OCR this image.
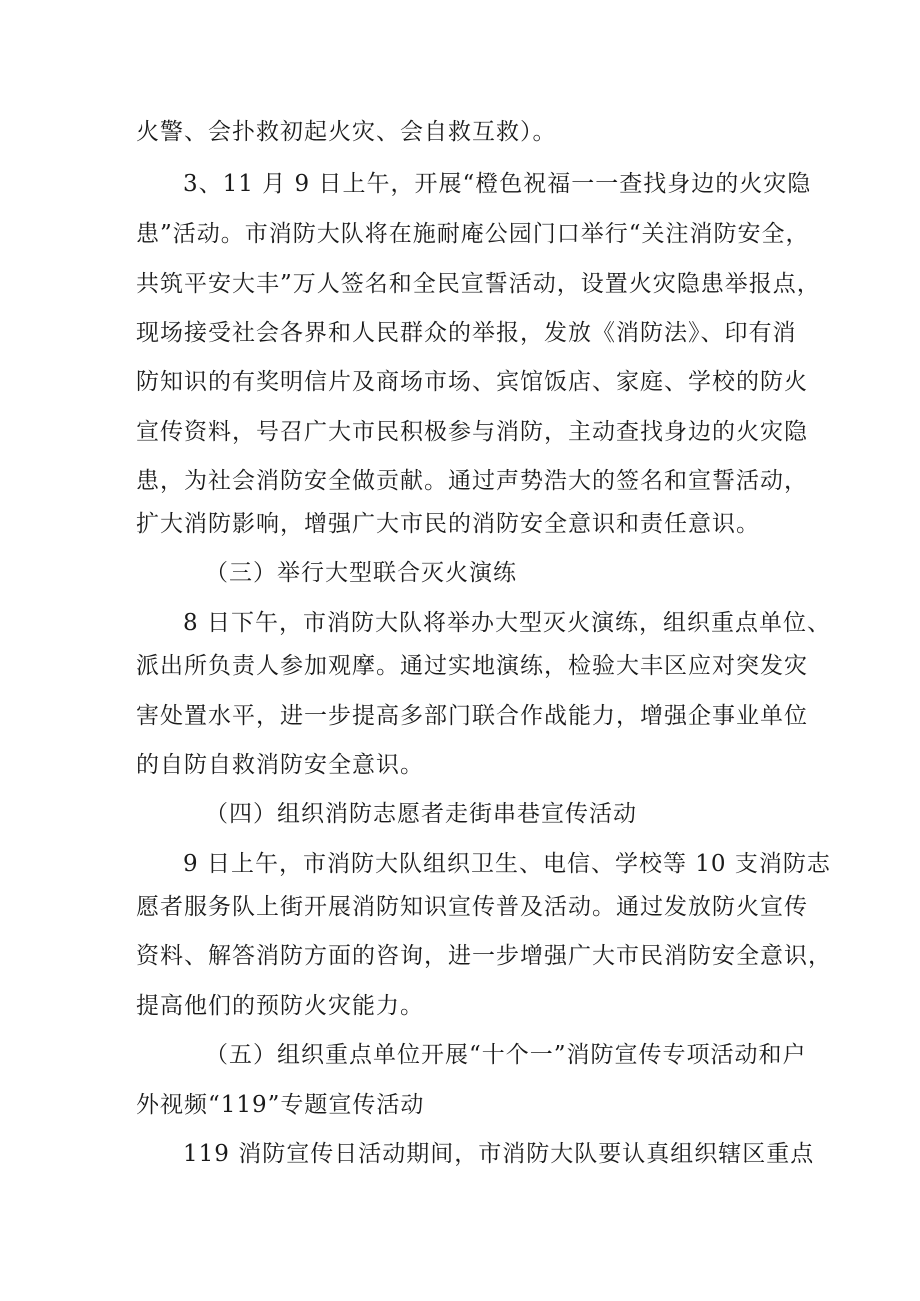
火警、会扑救初起火灾、会自救互救）。
3、11 月 9 日上午，开展“橙色祝福一一查找身边的火灾隐
患”活动。市消防大队将在施耐庵公园门口举行“关注消防安全，
共筑平安大丰”万人签名和全民宣誓活动，设置火灾隐患举报点，
现场接受社会各界和人民群众的举报，发放《消防法》、印有消
防知识的有奖明信片及商场市场、宾馆饭店、家庭、学校的防火
宣传资料，号召广大市民积极参与消防，主动查找身边的火灾隐
患，为社会消防安全做贡献。通过声势浩大的签名和宣誓活动，
扩大消防影响，增强广大市民的消防安全意识和责任意识。
（三）举行大型联合灭火演练
8 日下午，市消防大队将举办大型灭火演练，组织重点单位、
派出所负责人参加观摩。通过实地演练，检验大丰区应对突发灾
害处置水平，进一步提高多部门联合作战能力，增强企事业单位
的自防自救消防安全意识。
（四）组织消防志愿者走街串巷宣传活动
9 日上午，市消防大队组织卫生、电信、学校等 10 支消防志
愿者服务队上街开展消防知识宣传普及活动。通过发放防火宣传
资料、解答消防方面的咨询，进一步增强广大市民消防安全意识，
提高他们的预防火灾能力。
（五）组织重点单位开展“十个一”消防宣传专项活动和户
外视频“119”专题宣传活动
119 消防宣传日活动期间，市消防大队要认真组织辖区重点
